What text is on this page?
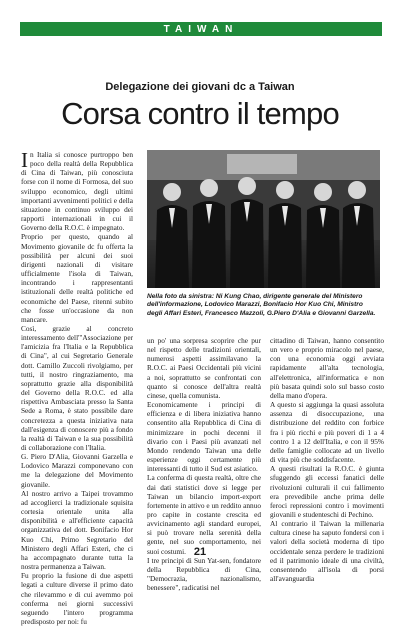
TAIWAN
Delegazione dei giovani dc a Taiwan
Corsa contro il tempo

In Italia si conosce purtroppo ben poco della realtà della Repubblica di Cina di Taiwan, più conosciuta forse con il nome di Formosa, del suo sviluppo economico, degli ultimi importanti avvenimenti politici e della situazione in continuo sviluppo dei rapporti internazionali in cui il Governo della R.O.C. è impegnato.

Proprio per questo, quando al Movimento giovanile dc fu offerta la possibilità per alcuni dei suoi dirigenti nazionali di visitare ufficialmente l'isola di Taiwan, incontrando i rappresentanti istituzionali delle realtà politiche ed economiche del Paese, ritenni subito che fosse un'occasione da non mancare.

Così, grazie al concreto interessamento dell'"Associazione per l'amicizia fra l'Italia e la Repubblica di Cina", al cui Segretario Generale dott. Camillo Zuccoli rivolgiamo, per tutti, il nostro ringraziamento, ma soprattutto grazie alla disponibilità del Governo della R.O.C. ed alla rispettiva Ambasciata presso la Santa Sede a Roma, è stato possibile dare concretezza a questa iniziativa nata dall'esigenza di conoscere più a fondo la realtà di Taiwan e la sua possibilità di collaborazione con l'Italia.

G. Piero D'Alia, Giovanni Garzella e Lodovico Marazzi componevano con me la delegazione del Movimento giovanile.

Al nostro arrivo a Taipei trovammo ad accoglierci la tradizionale squisita cortesia orientale unita alla disponibilità e all'efficiente capacità organizzativa del dott. Bonifacio Hor Kuo Chi, Primo Segretario del Ministero degli Affari Esteri, che ci ha accompagnato durante tutta la nostra permanenza a Taiwan.

Fu proprio la fusione di due aspetti legati a culture diverse il primo dato che rilevammo e di cui avemmo poi conferma nei giorni successivi seguendo l'intero programma predisposto per noi: fu

Nella foto da sinistra: Ni Kung Chao, dirigente generale del Ministero dell'informazione, Lodovico Marazzi, Bonifacio Hor Kuo Chi, Ministro degli Affari Esteri, Francesco Mazzoli, G.Piero D'Alia e Giovanni Garzella.

un po' una sorpresa scoprire che pur nel rispetto delle tradizioni orientali, numerosi aspetti assimilavano la R.O.C. ai Paesi Occidentali più vicini a noi, soprattutto se confrontati con quanto si conosce dell'altra realtà cinese, quella comunista.

Economicamente i principi di efficienza e di libera iniziativa hanno consentito alla Repubblica di Cina di minimizzare in pochi decenni il divario con i Paesi più avanzati nel Mondo rendendo Taiwan una delle esperienze oggi certamente più interessanti di tutto il Sud est asiatico.

La conferma di questa realtà, oltre che dai dati statistici dove si legge per Taiwan un bilancio import-export fortemente in attivo e un reddito annuo pro capite in costante crescita ed avvicinamento agli standard europei, si può trovare nella serenità della gente, nel suo comportamento, nei suoi costumi.

I tre principi di Sun Yat-sen, fondatore della Repubblica di Cina, "Democrazia, nazionalismo, benessere", radicatisi nel

cittadino di Taiwan, hanno consentito un vero e proprio miracolo nel paese, con una economia oggi avviata rapidamente all'alta tecnologia, all'elettronica, all'informatica e non più basata quindi solo sul basso costo della mano d'opera.

A questo si aggiunga la quasi assoluta assenza di disoccupazione, una distribuzione del reddito con forbice fra i più ricchi e più poveri di 1 a 4 contro 1 a 12 dell'Italia, e con il 95% delle famiglie collocate ad un livello di vita più che soddisfacente.

A questi risultati la R.O.C. è giunta sfuggendo gli eccessi fanatici delle rivoluzioni culturali il cui fallimento era prevedibile anche prima delle feroci repressioni contro i movimenti giovanili e studenteschi di Pechino.

Al contrario il Taiwan la millenaria cultura cinese ha saputo fondersi con i valori della società moderna di tipo occidentale senza perdere le tradizioni ed il patrimonio ideale di una civiltà, consentendo all'isola di porsi all'avanguardia

21
